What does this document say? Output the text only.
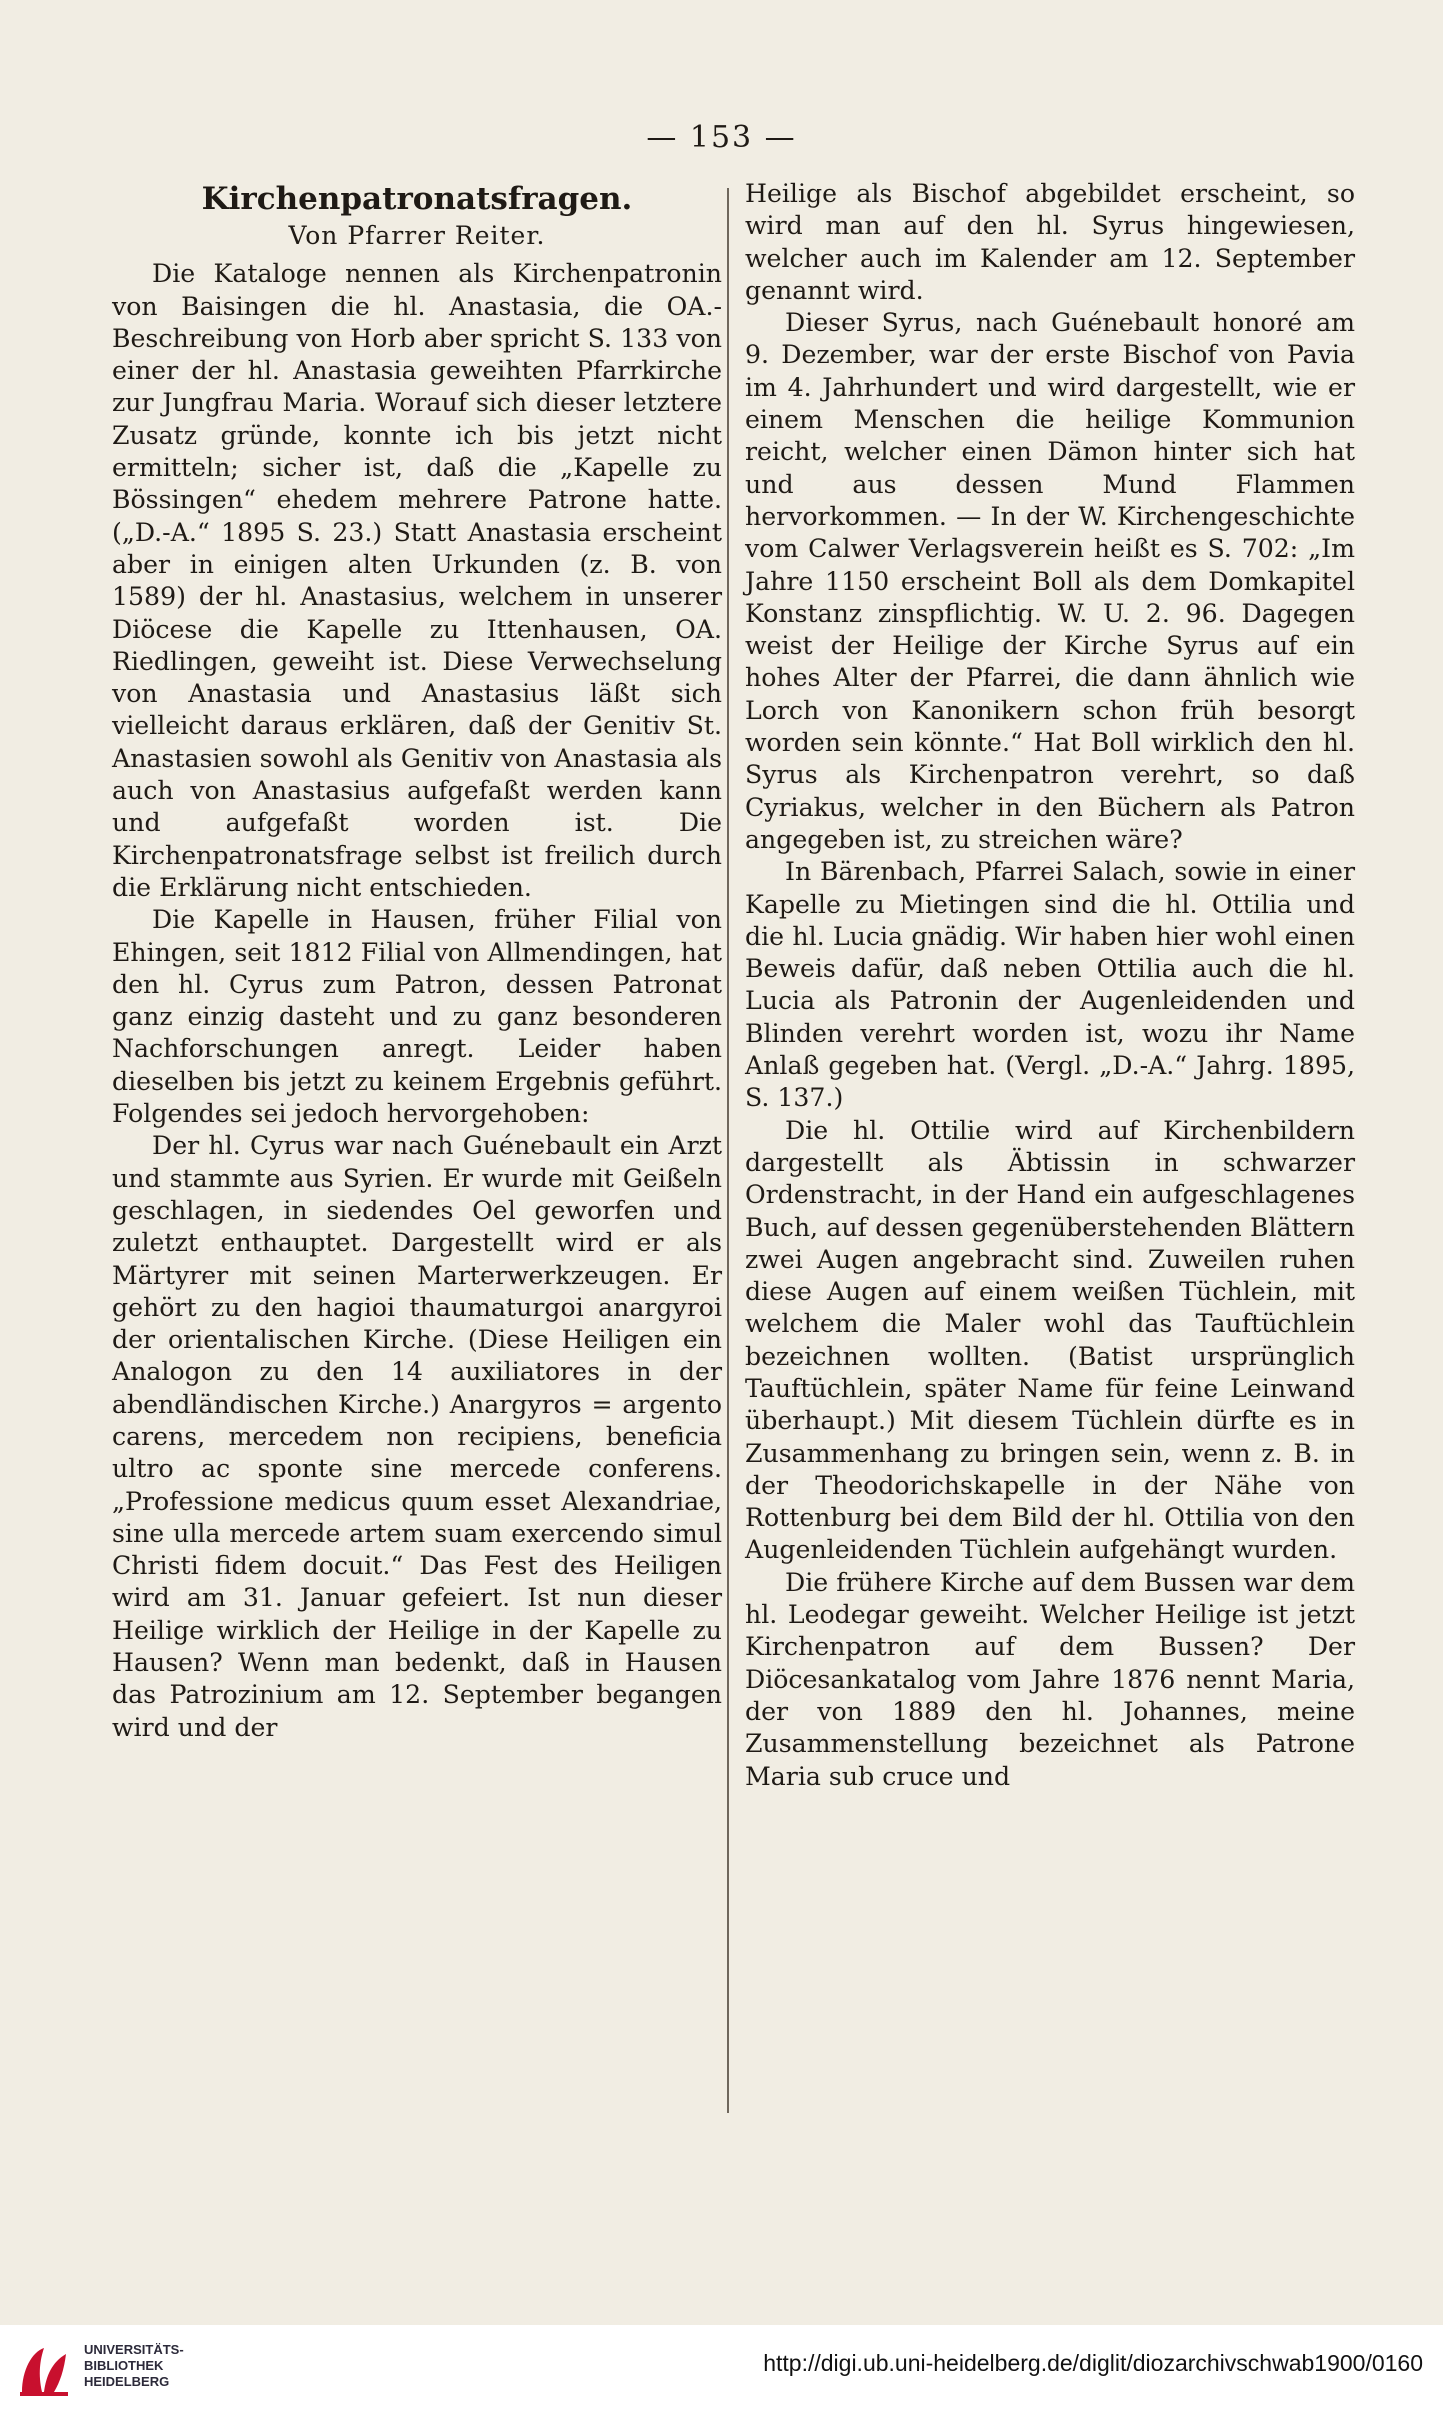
— 153 —
Kirchenpatronatsfragen.
Von Pfarrer Reiter.

Die Kataloge nennen als Kirchenpatronin von Baisingen die hl. Anastasia, die OA.-Beschreibung von Horb aber spricht S. 133 von einer der hl. Anastasia geweihten Pfarrkirche zur Jungfrau Maria. Worauf sich dieser letztere Zusatz gründe, konnte ich bis jetzt nicht ermitteln; sicher ist, daß die „Kapelle zu Bössingen“ ehedem mehrere Patrone hatte. („D.-A.“ 1895 S. 23.) Statt Anastasia erscheint aber in einigen alten Urkunden (z. B. von 1589) der hl. Anastasius, welchem in unserer Diöcese die Kapelle zu Ittenhausen, OA. Riedlingen, geweiht ist. Diese Verwechselung von Anastasia und Anastasius läßt sich vielleicht daraus erklären, daß der Genitiv St. Anastasien sowohl als Genitiv von Anastasia als auch von Anastasius aufgefaßt werden kann und aufgefaßt worden ist. Die Kirchenpatronatsfrage selbst ist freilich durch die Erklärung nicht entschieden.

Die Kapelle in Hausen, früher Filial von Ehingen, seit 1812 Filial von Allmendingen, hat den hl. Cyrus zum Patron, dessen Patronat ganz einzig dasteht und zu ganz besonderen Nachforschungen anregt. Leider haben dieselben bis jetzt zu keinem Ergebnis geführt. Folgendes sei jedoch hervorgehoben:

Der hl. Cyrus war nach Guénebault ein Arzt und stammte aus Syrien. Er wurde mit Geißeln geschlagen, in siedendes Oel geworfen und zuletzt enthauptet. Dargestellt wird er als Märtyrer mit seinen Marterwerkzeugen. Er gehört zu den hagioi thaumaturgoi anargyroi der orientalischen Kirche. (Diese Heiligen ein Analogon zu den 14 auxiliatores in der abendländischen Kirche.) Anargyros = argento carens, mercedem non recipiens, beneficia ultro ac sponte sine mercede conferens. „Professione medicus quum esset Alexandriae, sine ulla mercede artem suam exercendo simul Christi fidem docuit.“ Das Fest des Heiligen wird am 31. Januar gefeiert. Ist nun dieser Heilige wirklich der Heilige in der Kapelle zu Hausen? Wenn man bedenkt, daß in Hausen das Patrozinium am 12. September begangen wird und der

Heilige als Bischof abgebildet erscheint, so wird man auf den hl. Syrus hingewiesen, welcher auch im Kalender am 12. September genannt wird.

Dieser Syrus, nach Guénebault honoré am 9. Dezember, war der erste Bischof von Pavia im 4. Jahrhundert und wird dargestellt, wie er einem Menschen die heilige Kommunion reicht, welcher einen Dämon hinter sich hat und aus dessen Mund Flammen hervorkommen. — In der W. Kirchengeschichte vom Calwer Verlagsverein heißt es S. 702: „Im Jahre 1150 erscheint Boll als dem Domkapitel Konstanz zinspflichtig. W. U. 2. 96. Dagegen weist der Heilige der Kirche Syrus auf ein hohes Alter der Pfarrei, die dann ähnlich wie Lorch von Kanonikern schon früh besorgt worden sein könnte.“ Hat Boll wirklich den hl. Syrus als Kirchenpatron verehrt, so daß Cyriakus, welcher in den Büchern als Patron angegeben ist, zu streichen wäre?

In Bärenbach, Pfarrei Salach, sowie in einer Kapelle zu Mietingen sind die hl. Ottilia und die hl. Lucia gnädig. Wir haben hier wohl einen Beweis dafür, daß neben Ottilia auch die hl. Lucia als Patronin der Augenleidenden und Blinden verehrt worden ist, wozu ihr Name Anlaß gegeben hat. (Vergl. „D.-A.“ Jahrg. 1895, S. 137.)

Die hl. Ottilie wird auf Kirchenbildern dargestellt als Äbtissin in schwarzer Ordenstracht, in der Hand ein aufgeschlagenes Buch, auf dessen gegenüberstehenden Blättern zwei Augen angebracht sind. Zuweilen ruhen diese Augen auf einem weißen Tüchlein, mit welchem die Maler wohl das Tauftüchlein bezeichnen wollten. (Batist ursprünglich Tauftüchlein, später Name für feine Leinwand überhaupt.) Mit diesem Tüchlein dürfte es in Zusammenhang zu bringen sein, wenn z. B. in der Theodorichskapelle in der Nähe von Rottenburg bei dem Bild der hl. Ottilia von den Augenleidenden Tüchlein aufgehängt wurden.

Die frühere Kirche auf dem Bussen war dem hl. Leodegar geweiht. Welcher Heilige ist jetzt Kirchenpatron auf dem Bussen? Der Diöcesankatalog vom Jahre 1876 nennt Maria, der von 1889 den hl. Johannes, meine Zusammenstellung bezeichnet als Patrone Maria sub cruce und

UNIVERSITÄTS-
BIBLIOTHEK
HEIDELBERG
http://digi.ub.uni-heidelberg.de/diglit/diozarchivschwab1900/0160
